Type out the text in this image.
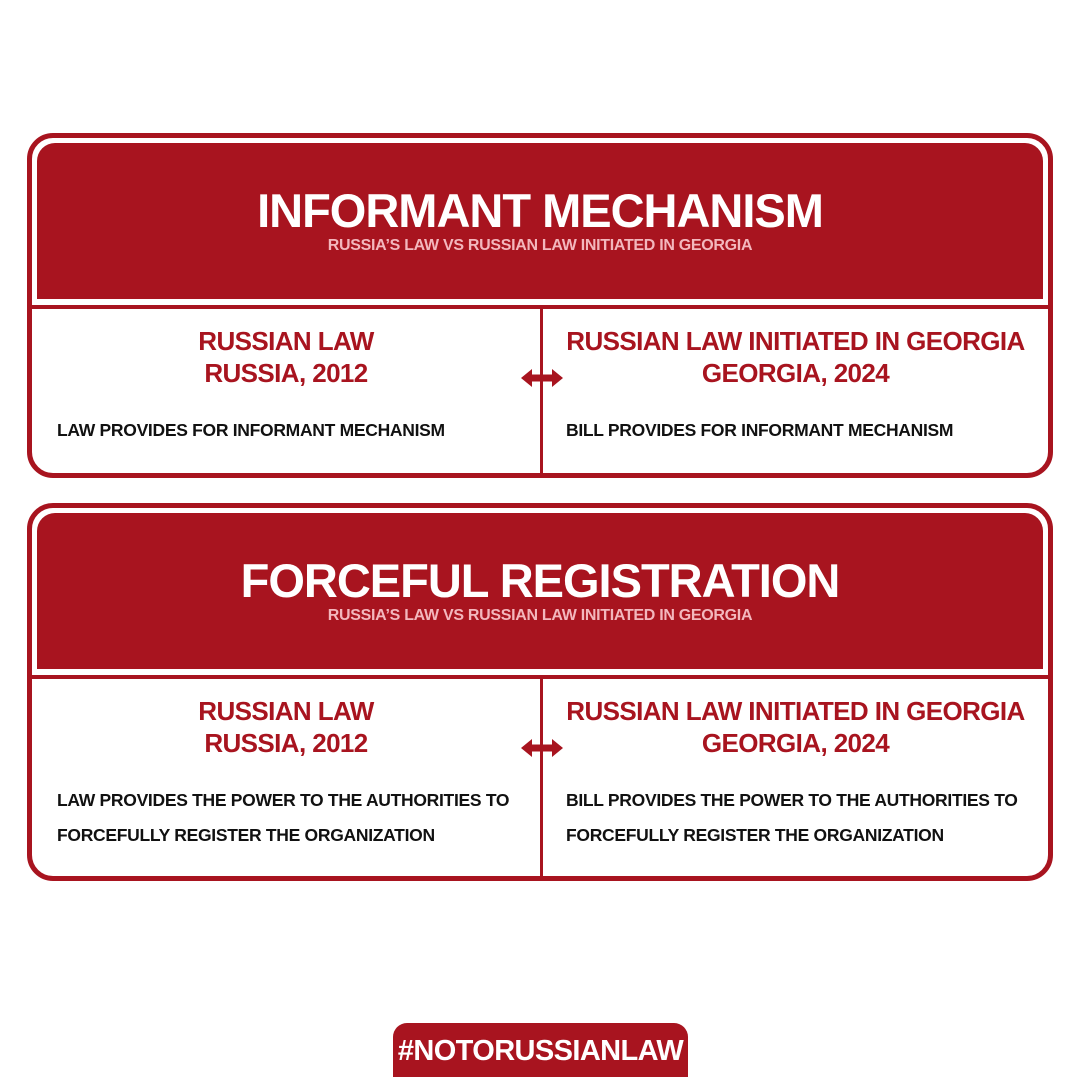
INFORMANT MECHANISM
RUSSIA’S LAW VS RUSSIAN LAW INITIATED IN GEORGIA
RUSSIAN LAW
RUSSIA, 2012
LAW PROVIDES FOR INFORMANT MECHANISM
RUSSIAN LAW INITIATED IN GEORGIA
GEORGIA, 2024
BILL PROVIDES FOR INFORMANT MECHANISM
FORCEFUL REGISTRATION
RUSSIA’S LAW VS RUSSIAN LAW INITIATED IN GEORGIA
RUSSIAN LAW
RUSSIA, 2012
LAW PROVIDES THE POWER TO THE AUTHORITIES TO FORCEFULLY REGISTER THE ORGANIZATION
RUSSIAN LAW INITIATED IN GEORGIA
GEORGIA, 2024
BILL PROVIDES THE POWER TO THE AUTHORITIES TO FORCEFULLY REGISTER THE ORGANIZATION
#NOTORUSSIANLAW
